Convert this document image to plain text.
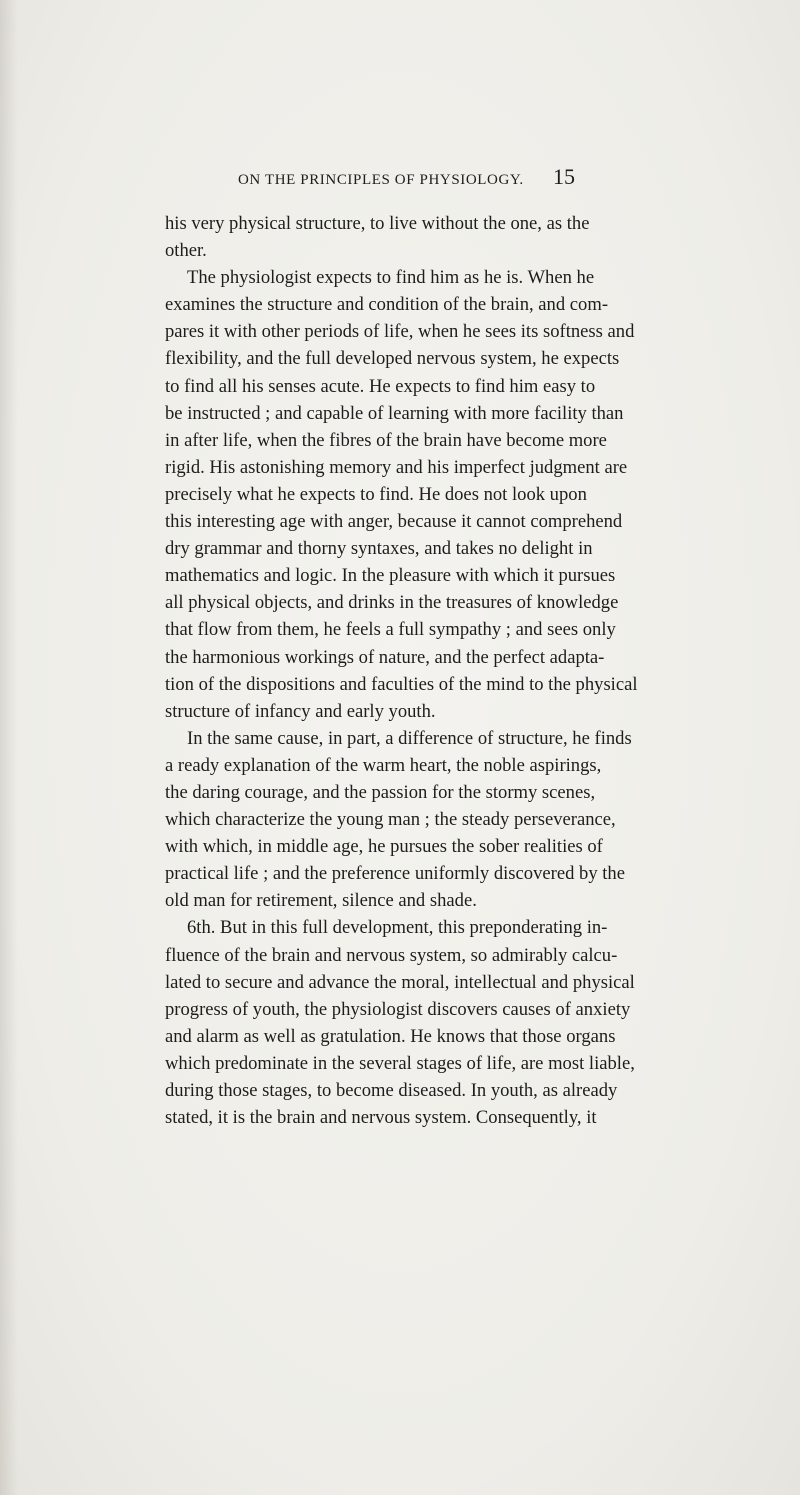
ON THE PRINCIPLES OF PHYSIOLOGY.	15
his very physical structure, to live without the one, as the
other.
The physiologist expects to find him as he is. When he
examines the structure and condition of the brain, and com-
pares it with other periods of life, when he sees its softness and
flexibility, and the full developed nervous system, he expects
to find all his senses acute. He expects to find him easy to
be instructed ; and capable of learning with more facility than
in after life, when the fibres of the brain have become more
rigid. His astonishing memory and his imperfect judgment are
precisely what he expects to find. He does not look upon
this interesting age with anger, because it cannot comprehend
dry grammar and thorny syntaxes, and takes no delight in
mathematics and logic. In the pleasure with which it pursues
all physical objects, and drinks in the treasures of knowledge
that flow from them, he feels a full sympathy ; and sees only
the harmonious workings of nature, and the perfect adapta-
tion of the dispositions and faculties of the mind to the physical
structure of infancy and early youth.
In the same cause, in part, a difference of structure, he finds
a ready explanation of the warm heart, the noble aspirings,
the daring courage, and the passion for the stormy scenes,
which characterize the young man ; the steady perseverance,
with which, in middle age, he pursues the sober realities of
practical life ; and the preference uniformly discovered by the
old man for retirement, silence and shade.
6th. But in this full development, this preponderating in-
fluence of the brain and nervous system, so admirably calcu-
lated to secure and advance the moral, intellectual and physical
progress of youth, the physiologist discovers causes of anxiety
and alarm as well as gratulation. He knows that those organs
which predominate in the several stages of life, are most liable,
during those stages, to become diseased. In youth, as already
stated, it is the brain and nervous system. Consequently, it
